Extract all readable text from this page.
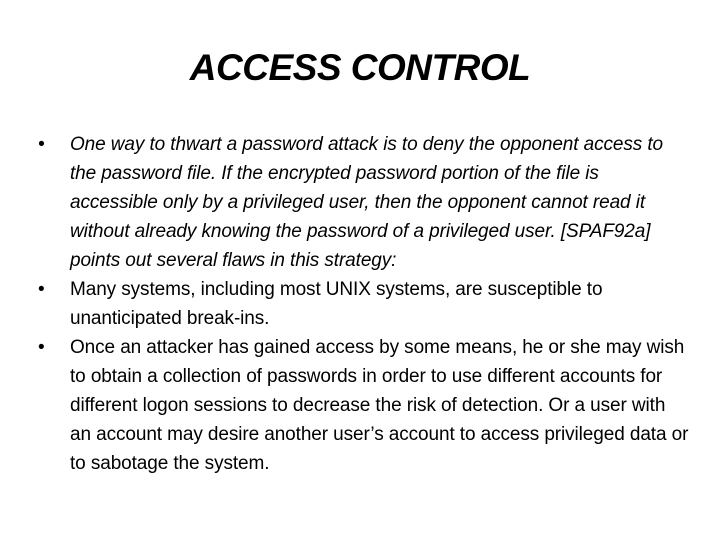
ACCESS CONTROL
• One way to thwart a password attack is to deny the opponent access to the password file. If the encrypted password portion of the file is accessible only by a privileged user, then the opponent cannot read it without already knowing the password of a privileged user. [SPAF92a] points out several flaws in this strategy:
• Many systems, including most UNIX systems, are susceptible to unanticipated break-ins.
• Once an attacker has gained access by some means, he or she may wish to obtain a collection of passwords in order to use different accounts for different logon sessions to decrease the risk of detection. Or a user with an account may desire another user’s account to access privileged data or to sabotage the system.
